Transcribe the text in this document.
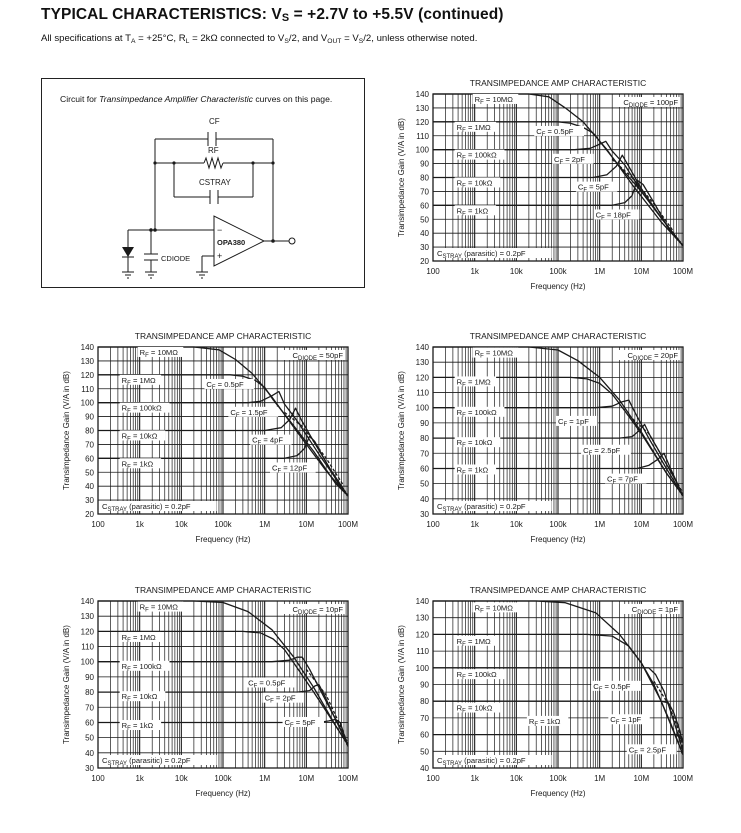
TYPICAL CHARACTERISTICS: $V_S = +2.7V$ to +5.5V (continued)
All specifications at $T_A = +25^\circ C$, $R_L = 2k\Omega$ connected to $V_S/2$, and $V_{OUT} = V_S/2$, unless otherwise noted.
Circuit for Transimpedance Amplifier Characteristic curves on this page.
CF
RF
CSTRAY
OPA380
CDIODE
−
+
TRANSIMPEDANCE AMP CHARACTERISTIC
20
30
40
50
60
70
80
90
100
110
120
130
140
100	1k	10k	100k	1M	10M	100M
Frequency (Hz)
Transimpedance Gain (V/A in dB)
$R_F = 10M\Omega$
$R_F = 1M\Omega$
$R_F = 100k\Omega$
$R_F = 10k\Omega$
$R_F = 1k\Omega$
$C_F = 0.5pF$
$C_F = 2pF$
$C_F = 5pF$
$C_F = 18pF$
$C_{DIODE} = 100pF$
$C_{STRAY}$ (parasitic) = 0.2pF
TRANSIMPEDANCE AMP CHARACTERISTIC
20
30
40
50
60
70
80
90
100
110
120
130
140
100	1k	10k	100k	1M	10M	100M
Frequency (Hz)
Transimpedance Gain (V/A in dB)
$R_F = 10M\Omega$
$R_F = 1M\Omega$
$R_F = 100k\Omega$
$R_F = 10k\Omega$
$R_F = 1k\Omega$
$C_F = 0.5pF$
$C_F = 1.5pF$
$C_F = 4pF$
$C_F = 12pF$
$C_{DIODE} = 50pF$
$C_{STRAY}$ (parasitic) = 0.2pF
TRANSIMPEDANCE AMP CHARACTERISTIC
30
40
50
60
70
80
90
100
110
120
130
140
100	1k	10k	100k	1M	10M	100M
Frequency (Hz)
Transimpedance Gain (V/A in dB)
$R_F = 10M\Omega$
$R_F = 1M\Omega$
$R_F = 100k\Omega$
$R_F = 10k\Omega$
$R_F = 1k\Omega$
$C_F = 1pF$
$C_F = 2.5pF$
$C_F = 7pF$
$C_{DIODE} = 20pF$
$C_{STRAY}$ (parasitic) = 0.2pF
TRANSIMPEDANCE AMP CHARACTERISTIC
30
40
50
60
70
80
90
100
110
120
130
140
100	1k	10k	100k	1M	10M	100M
Frequency (Hz)
Transimpedance Gain (V/A in dB)
$R_F = 10M\Omega$
$R_F = 1M\Omega$
$R_F = 100k\Omega$
$R_F = 10k\Omega$
$R_F = 1k\Omega$
$C_F = 0.5pF$
$C_F = 2pF$
$C_F = 5pF$
$C_{DIODE} = 10pF$
$C_{STRAY}$ (parasitic) = 0.2pF
TRANSIMPEDANCE AMP CHARACTERISTIC
40
50
60
70
80
90
100
110
120
130
140
100	1k	10k	100k	1M	10M	100M
Frequency (Hz)
Transimpedance Gain (V/A in dB)
$R_F = 10M\Omega$
$R_F = 1M\Omega$
$R_F = 100k\Omega$
$R_F = 10k\Omega$
$R_F = 1k\Omega$
$C_F = 0.5pF$
$C_F = 1pF$
$C_F = 2.5pF$
$C_{DIODE} = 1pF$
$C_{STRAY}$ (parasitic) = 0.2pF
